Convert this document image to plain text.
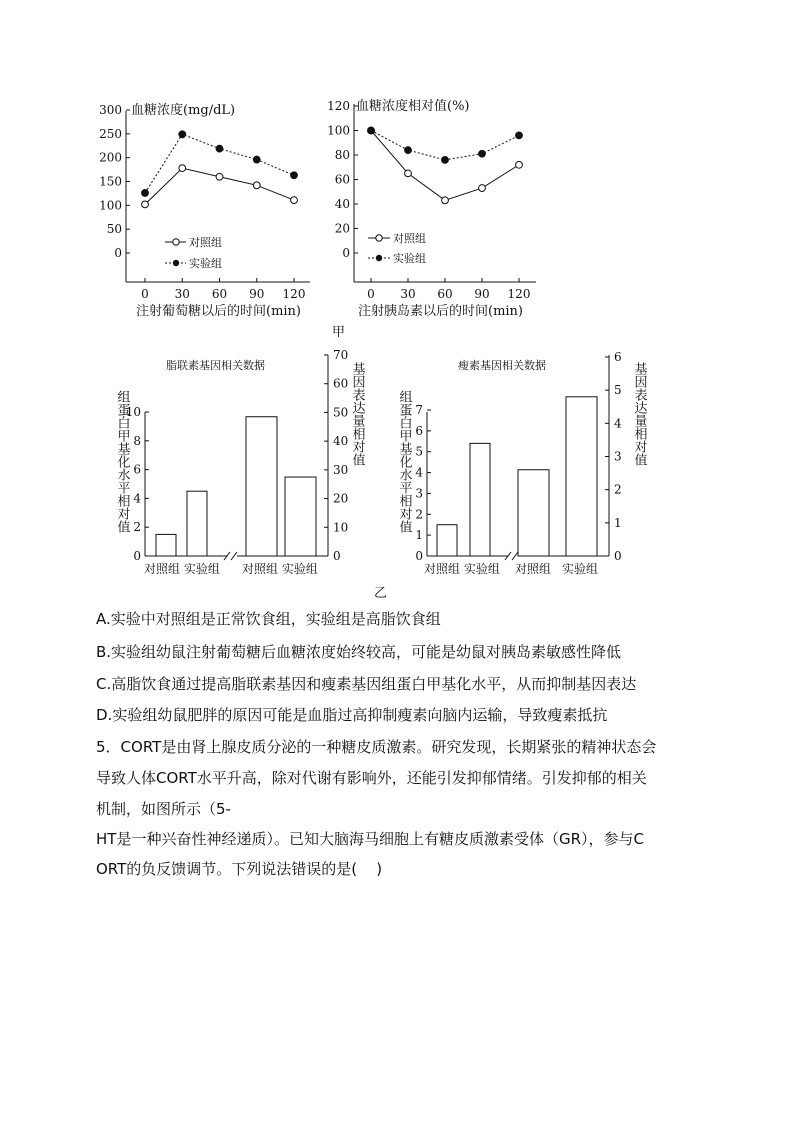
血糖浓度(mg/dL)
注射葡萄糖以后的时间(min)
对照组
实验组
0
50
100
150
200
250
300
0 30 60 90 120
血糖浓度相对值(%)
注射胰岛素以后的时间(min)
对照组
实验组
0
20
40
60
80
100
120
0 30 60 90 120
甲
脂联素基因相关数据
组蛋白甲基化水平相对值	基因表达量相对值
对照组 实验组 对照组 实验组
0
2
4
6
8
10
0
10
20
30
40
50
60
70
瘦素基因相关数据
组蛋白甲基化水平相对值	基因表达量相对值
对照组 实验组 对照组 实验组
0
1
2
3
4
5
6
7
0
1
2
3
4
5
6
乙
A.实验中对照组是正常饮食组，实验组是高脂饮食组
B.实验组幼鼠注射葡萄糖后血糖浓度始终较高，可能是幼鼠对胰岛素敏感性降低
C.高脂饮食通过提高脂联素基因和瘦素基因组蛋白甲基化水平，从而抑制基因表达
D.实验组幼鼠肥胖的原因可能是血脂过高抑制瘦素向脑内运输，导致瘦素抵抗
5．CORT是由肾上腺皮质分泌的一种糖皮质激素。研究发现，长期紧张的精神状态会
导致人体CORT水平升高，除对代谢有影响外，还能引发抑郁情绪。引发抑郁的相关
机制，如图所示（5-
HT是一种兴奋性神经递质）。已知大脑海马细胞上有糖皮质激素受体（GR），参与C
ORT的负反馈调节。下列说法错误的是(    )
